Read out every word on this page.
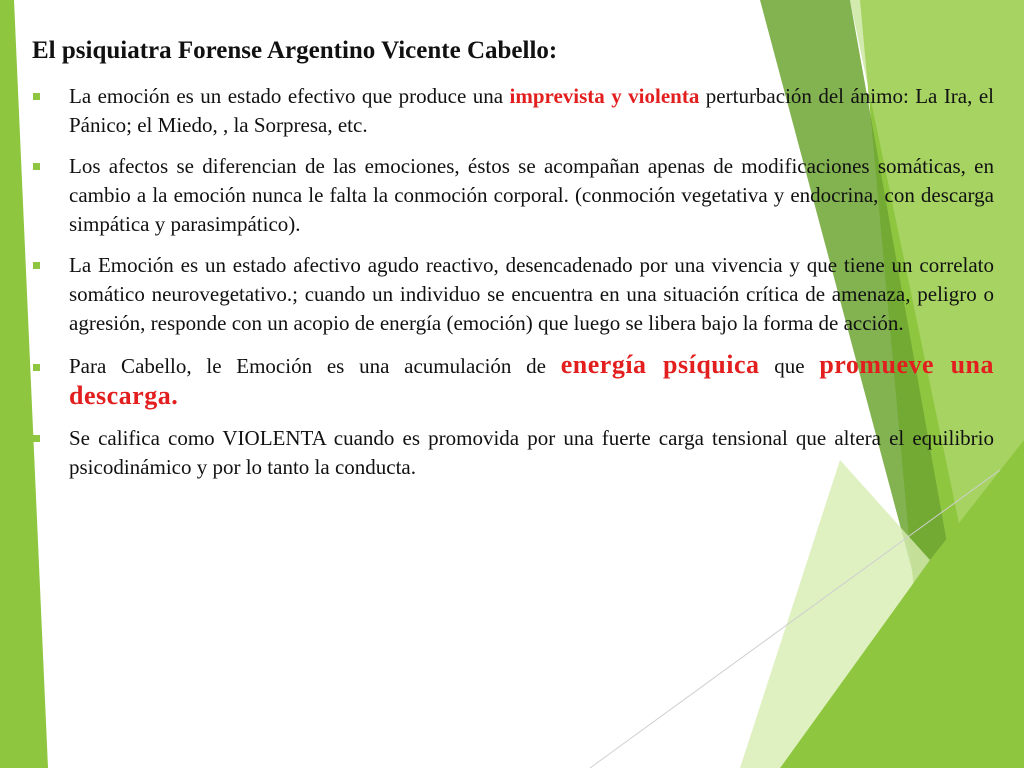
El psiquiatra Forense Argentino Vicente Cabello:
La emoción es un estado efectivo que produce una imprevista y violenta perturbación del ánimo: La Ira, el Pánico; el Miedo, , la Sorpresa, etc.
Los afectos se diferencian de las emociones, éstos se acompañan apenas de modificaciones somáticas, en cambio a la emoción nunca le falta la conmoción corporal. (conmoción vegetativa y endocrina, con descarga simpática y parasimpático).
La Emoción es un estado afectivo agudo reactivo, desencadenado por una vivencia y que tiene un correlato somático neurovegetativo.; cuando un individuo se encuentra en una situación crítica de amenaza, peligro o agresión, responde con un acopio de energía (emoción) que luego se libera bajo la forma de acción.
Para Cabello, le Emoción es una acumulación de energía psíquica que promueve una descarga.
Se califica como VIOLENTA cuando es promovida por una fuerte carga tensional que altera el equilibrio psicodinámico y por lo tanto la conducta.
